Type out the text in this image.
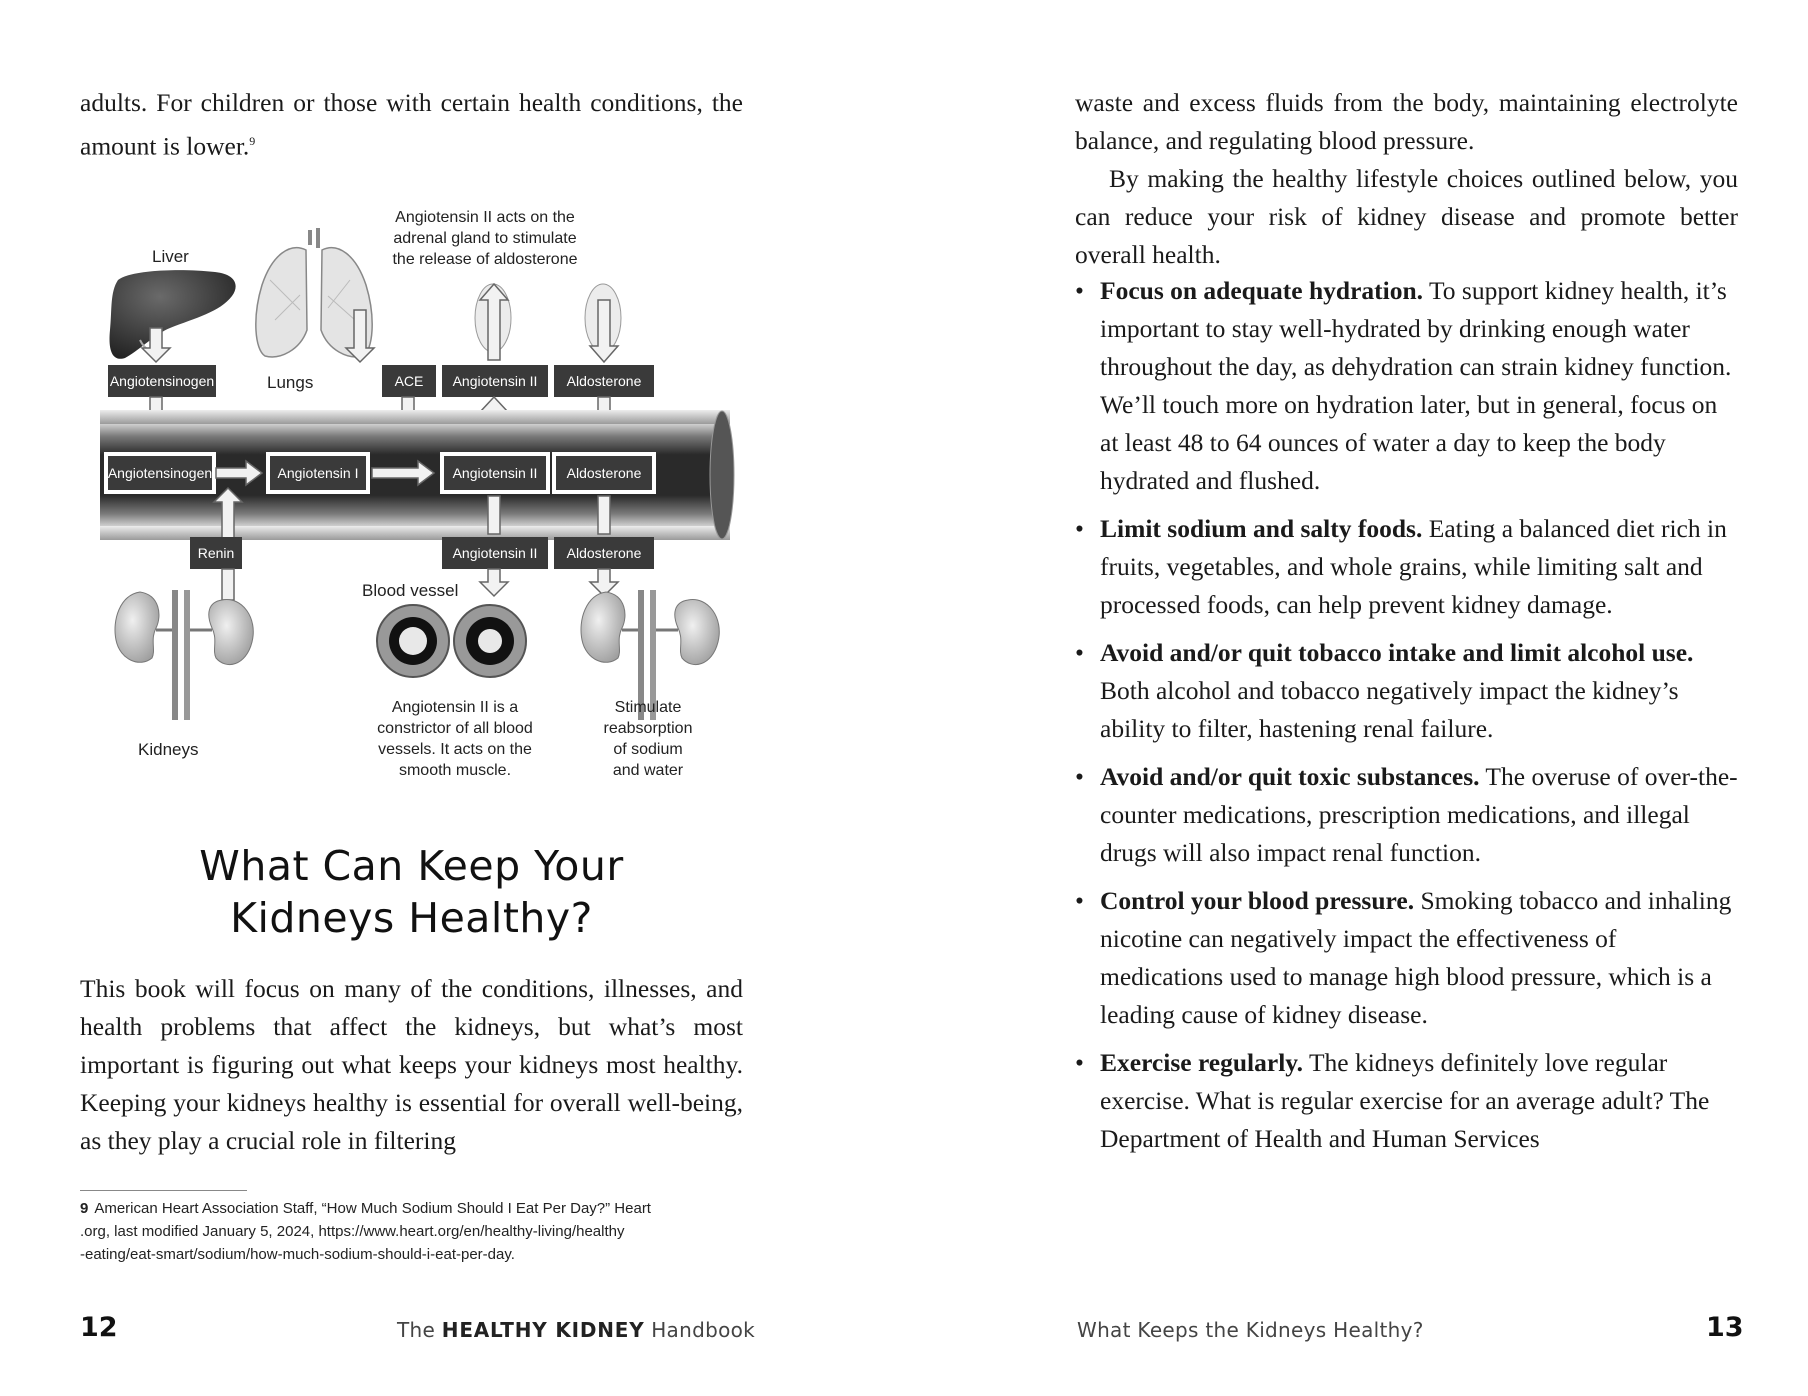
adults. For children or those with certain health conditions, the amount is lower.$^9$

Liver
Lungs
Angiotensin II acts on the
adrenal gland to stimulate
the release of aldosterone
Angiotensinogen	ACE Angiotensin II Aldosterone
Angiotensinogen	Angiotensin I	Angiotensin II Aldosterone
Renin	Angiotensin II Aldosterone
Kidneys
Blood vessel
Angiotensin II is a
constrictor of all blood
vessels. It acts on the
smooth muscle.
Stimulate
reabsorption
of sodium
and water
What Can Keep Your
Kidneys Healthy?

This book will focus on many of the conditions, illnesses, and health problems that affect the kidneys, but what’s most important is figuring out what keeps your kidneys most healthy. Keeping your kidneys healthy is essential for overall well-being, as they play a crucial role in filtering

9 American Heart Association Staff, “How Much Sodium Should I Eat Per Day?” Heart
.org, last modified January 5, 2024, https://www.heart.org/en/healthy-living/healthy
-eating/eat-smart/sodium/how-much-sodium-should-i-eat-per-day.
12	The HEALTHY KIDNEY Handbook

waste and excess fluids from the body, maintaining electrolyte balance, and regulating blood pressure.
By making the healthy lifestyle choices outlined below, you can reduce your risk of kidney disease and promote better overall health.

• Focus on adequate hydration. To support kidney health, it’s important to stay well-hydrated by drinking enough water throughout the day, as dehydration can strain kidney function. We’ll touch more on hydration later, but in general, focus on at least 48 to 64 ounces of water a day to keep the body hydrated and flushed.
• Limit sodium and salty foods. Eating a balanced diet rich in fruits, vegetables, and whole grains, while limiting salt and processed foods, can help prevent kidney damage.
• Avoid and/or quit tobacco intake and limit alcohol use. Both alcohol and tobacco negatively impact the kidney’s ability to filter, hastening renal failure.
• Avoid and/or quit toxic substances. The overuse of over-the-counter medications, prescription medications, and illegal drugs will also impact renal function.
• Control your blood pressure. Smoking tobacco and inhaling nicotine can negatively impact the effectiveness of medications used to manage high blood pressure, which is a leading cause of kidney disease.
• Exercise regularly. The kidneys definitely love regular exercise. What is regular exercise for an average adult? The Department of Health and Human Services
What Keeps the Kidneys Healthy?	13
